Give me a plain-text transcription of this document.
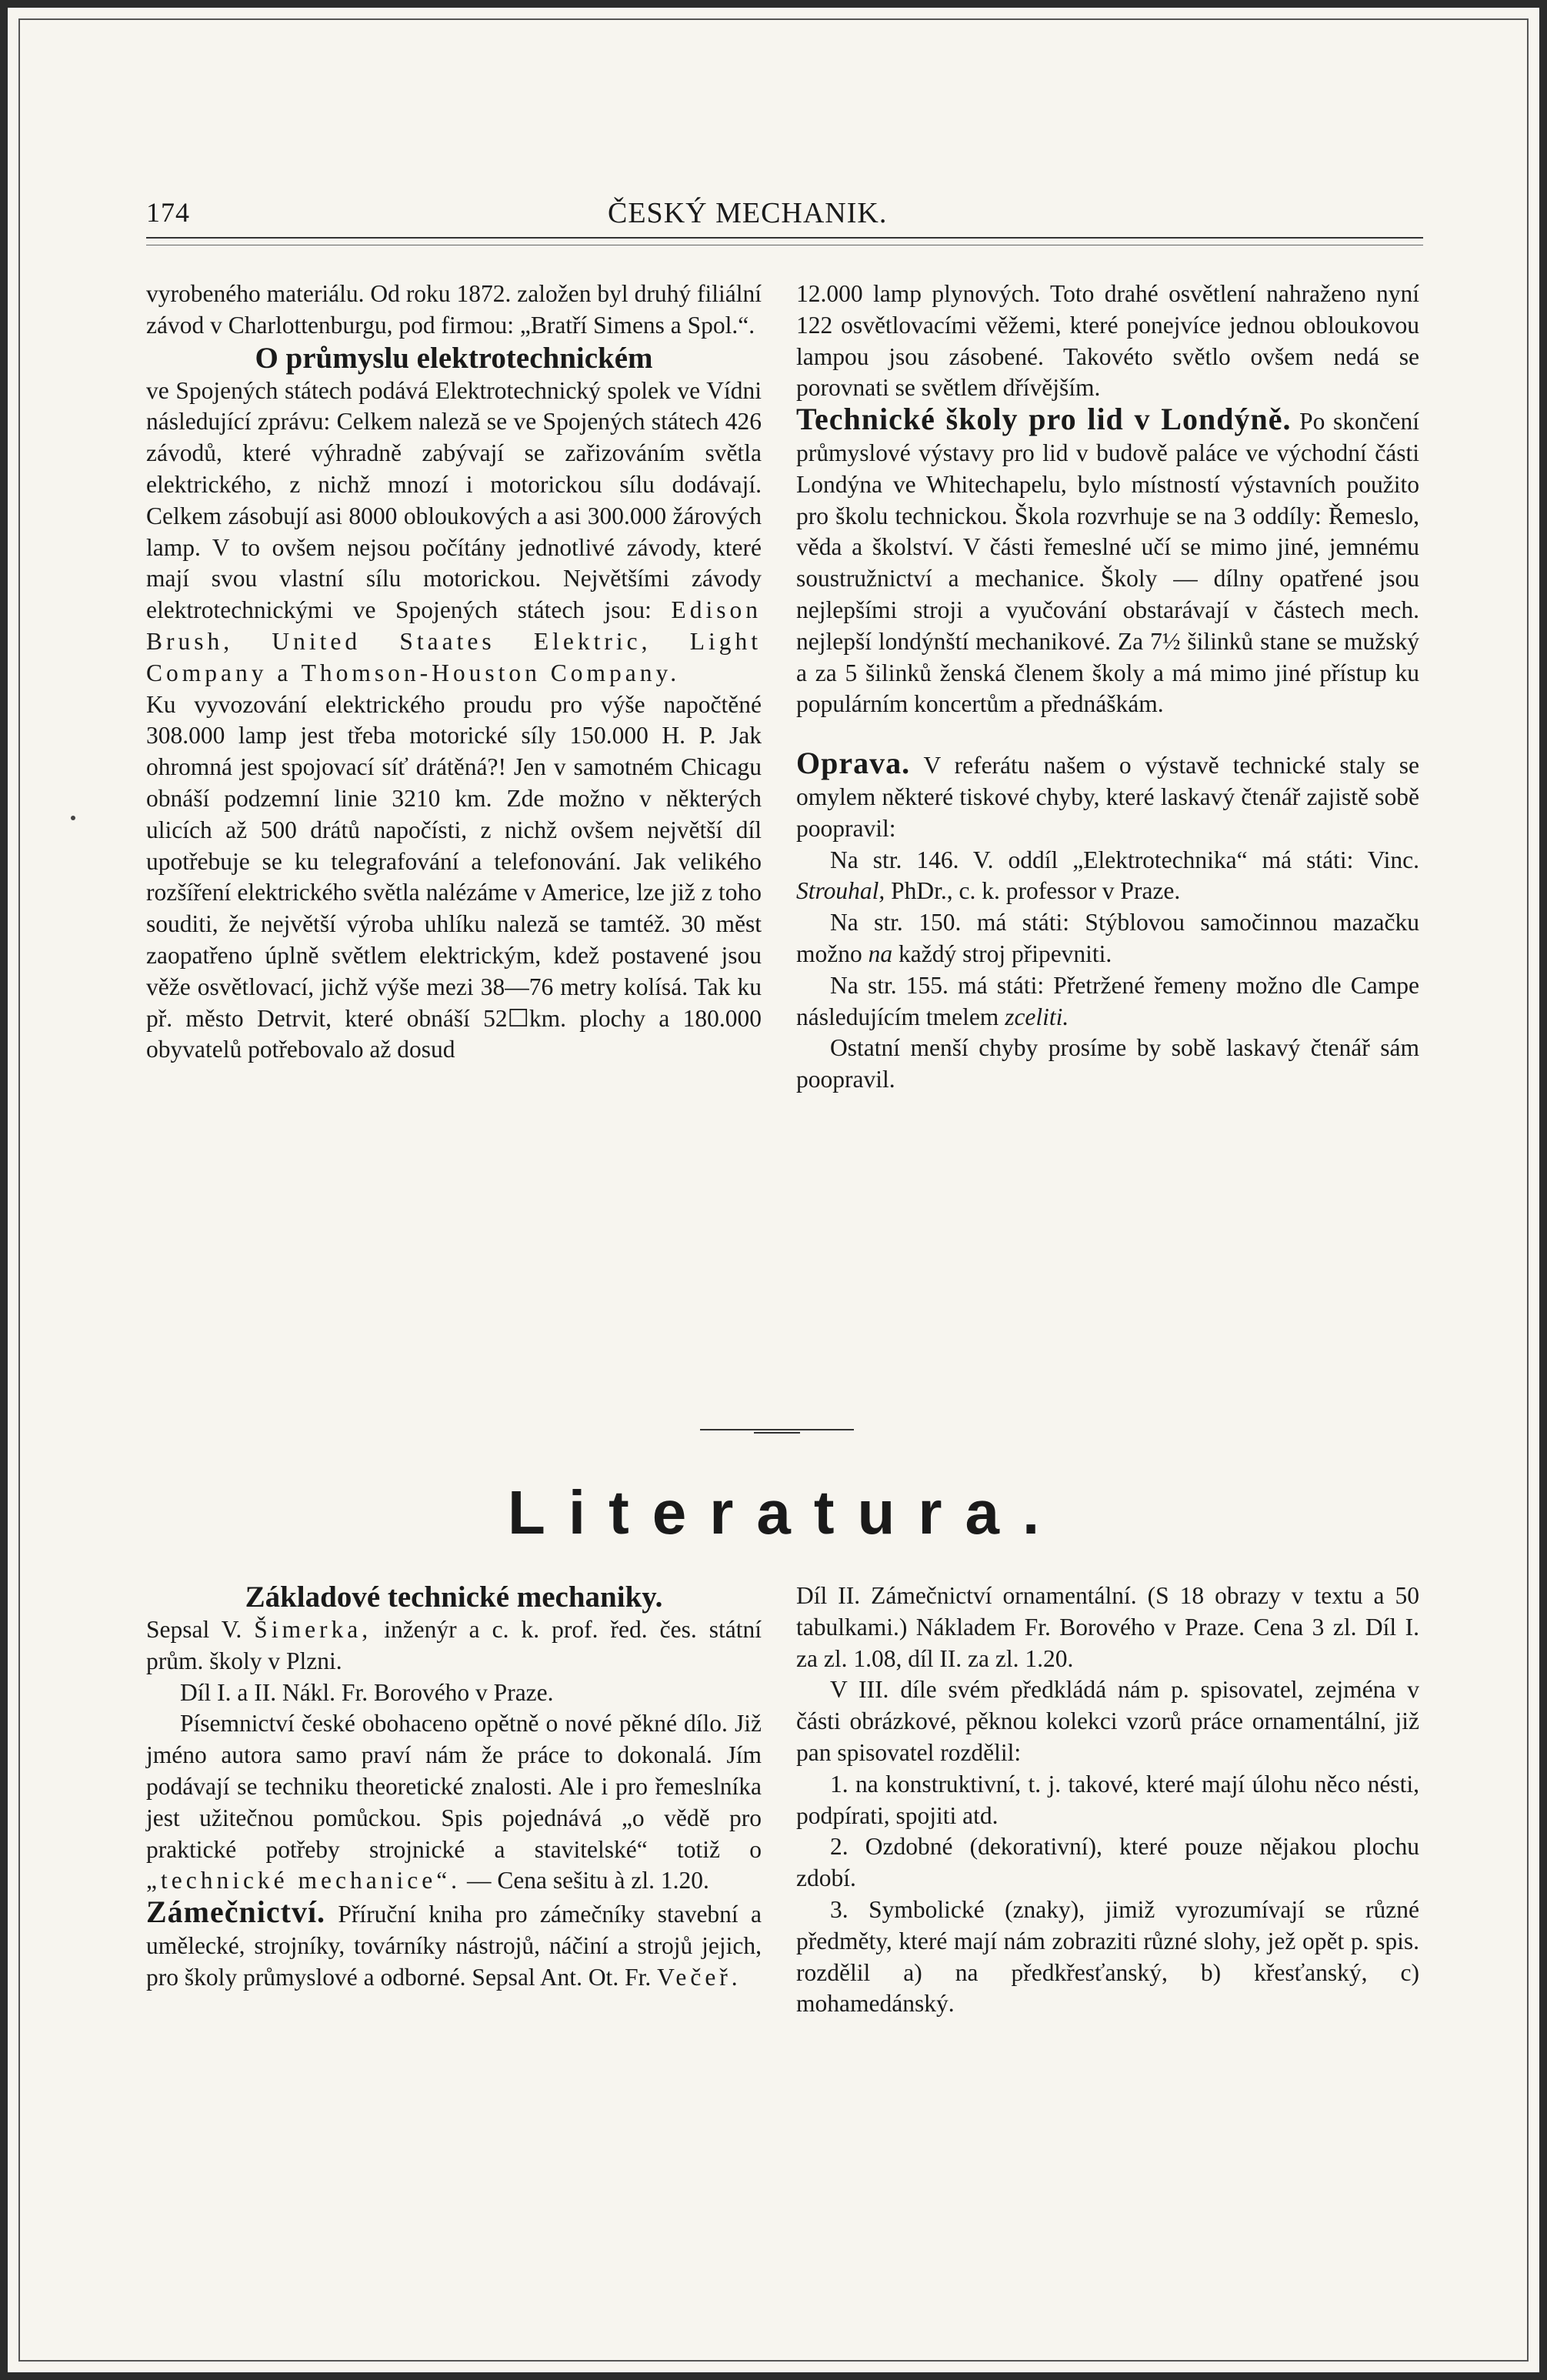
174	ČESKÝ MECHANIK.

vyrobeného materiálu. Od roku 1872. založen byl druhý filiální závod v Charlottenburgu, pod firmou: „Bratří Simens a Spol.“.

O průmyslu elektrotechnickém

ve Spojených státech podává Elektrotechnický spolek ve Vídni následující zprávu: Celkem naleză se ve Spojených státech 426 závodů, které výhradně zabývají se zařizováním světla elektrického, z nichž mnozí i motorickou sílu dodávají. Celkem zásobují asi 8000 obloukových a asi 300.000 žárových lamp. V to ovšem nejsou počítány jednotlivé závody, které mají svou vlastní sílu motorickou. Největšími závody elektrotechnickými ve Spojených státech jsou: Edison Brush, United Staates Elektric, Light Company a Thomson-Houston Company.

Ku vyvozování elektrického proudu pro výše napočtěné 308.000 lamp jest třeba motorické síly 150.000 H. P. Jak ohromná jest spojovací síť drátěná?! Jen v samotném Chicagu obnáší podzemní linie 3210 km. Zde možno v některých ulicích až 500 drátů napočísti, z nichž ovšem největší díl upotřebuje se ku telegrafování a telefonování. Jak velikého rozšíření elektrického světla nalézáme v Americe, lze již z toho souditi, že největší výroba uhlíku naleză se tamtéž. 30 měst zaopatřeno úplně světlem elektrickým, kdež postavené jsou věže osvětlovací, jichž výše mezi 38—76 metry kolísá. Tak ku př. město Detrvit, které obnáší 52☐km. plochy a 180.000 obyvatelů potřebovalo až dosud

12.000 lamp plynových. Toto drahé osvětlení nahraženo nyní 122 osvětlovacími věžemi, které ponejvíce jednou obloukovou lampou jsou zásobené. Takovéto světlo ovšem nedá se porovnati se světlem dřívějším.

Technické školy pro lid v Londýně. Po skončení průmyslové výstavy pro lid v budově paláce ve východní části Londýna ve Whitechapelu, bylo místností výstavních použito pro školu technickou. Škola rozvrhuje se na 3 oddíly: Řemeslo, věda a školství. V části řemeslné učí se mimo jiné, jemnému soustružnictví a mechanice. Školy — dílny opatřené jsou nejlepšími stroji a vyučování obstarávají v částech mech. nejlepší londýnští mechanikové. Za 7½ šilinků stane se mužský a za 5 šilinků ženská členem školy a má mimo jiné přístup ku populárním koncertům a přednáškám.

Oprava. V referátu našem o výstavě technické staly se omylem některé tiskové chyby, které laskavý čtenář zajistě sobě poopravil:

Na str. 146. V. oddíl „Elektrotechnika“ má státi: Vinc. Strouhal, PhDr., c. k. professor v Praze.

Na str. 150. má státi: Stýblovou samočinnou mazačku možno na každý stroj připevniti.

Na str. 155. má státi: Přetržené řemeny možno dle Campe následujícím tmelem zceliti.

Ostatní menší chyby prosíme by sobě laskavý čtenář sám poopravil.

Literatura.

Základové technické mechaniky.

Sepsal V. Šimerka, inženýr a c. k. prof. řed. čes. státní prům. školy v Plzni.

Díl I. a II. Nákl. Fr. Borového v Praze.

Písemnictví české obohaceno opětně o nové pěkné dílo. Již jméno autora samo praví nám že práce to dokonalá. Jím podávají se techniku theoretické znalosti. Ale i pro řemeslníka jest užitečnou pomůckou. Spis pojednává „o vědě pro praktické potřeby strojnické a stavitelské“ totiž o „technické mechanice“. — Cena sešitu à zl. 1.20.

Zámečnictví. Příruční kniha pro zámečníky stavební a umělecké, strojníky, továrníky nástrojů, náčiní a strojů jejich, pro školy průmyslové a odborné. Sepsal Ant. Ot. Fr. Večeř.

Díl II. Zámečnictví ornamentální. (S 18 obrazy v textu a 50 tabulkami.) Nákladem Fr. Borového v Praze. Cena 3 zl. Díl I. za zl. 1.08, díl II. za zl. 1.20.

V III. díle svém předkládá nám p. spisovatel, zejména v části obrázkové, pěknou kolekci vzorů práce ornamentální, již pan spisovatel rozdělil:

1. na konstruktivní, t. j. takové, které mají úlohu něco nésti, podpírati, spojiti atd.

2. Ozdobné (dekorativní), které pouze nějakou plochu zdobí.

3. Symbolické (znaky), jimiž vyrozumívají se různé předměty, které mají nám zobraziti různé slohy, jež opět p. spis. rozdělil a) na předkřesťanský, b) křesťanský, c) mohamedánský.
